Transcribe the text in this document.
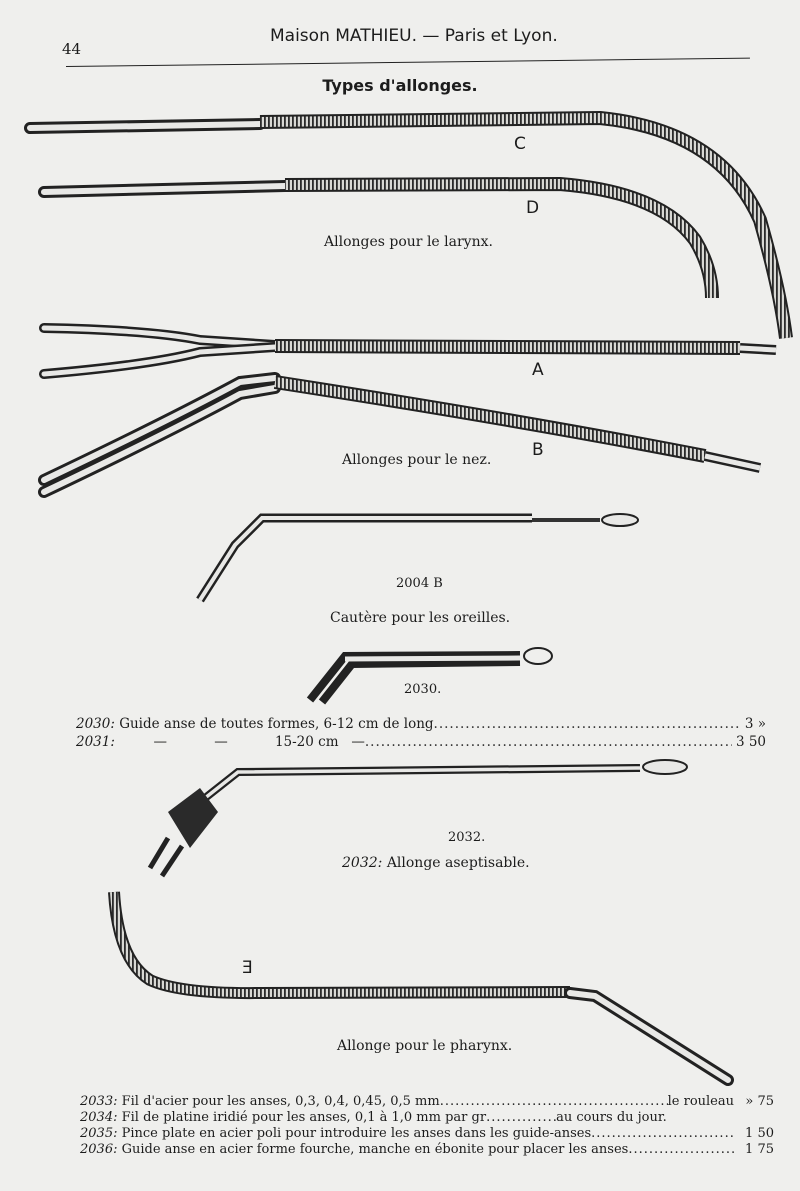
44
Maison MATHIEU. — Paris et Lyon.
Types d'allonges.
C
D
A
B
E
Allonges pour le larynx.
Allonges pour le nez.
2004 B
Cautère pour les oreilles.
2030.
2030:
Guide anse de toutes formes, 6-12 cm de long .....	3 »
2031:
—           —           15-20 cm   — .....	3 50
2032.
2032: Allonge aseptisable.
Allonge pour le pharynx.
2033:
Fil d'acier pour les anses, 0,3, 0,4, 0,45, 0,5 mm .....	le rouleau » 75
2034:
Fil de platine iridié pour les anses, 0,1 à 1,0 mm par gr .....	au cours du jour.
2035:
Pince plate en acier poli pour introduire les anses dans les guide-anses .....	1 50
2036:
Guide anse en acier forme fourche, manche en ébonite pour placer les anses .....	1 75
